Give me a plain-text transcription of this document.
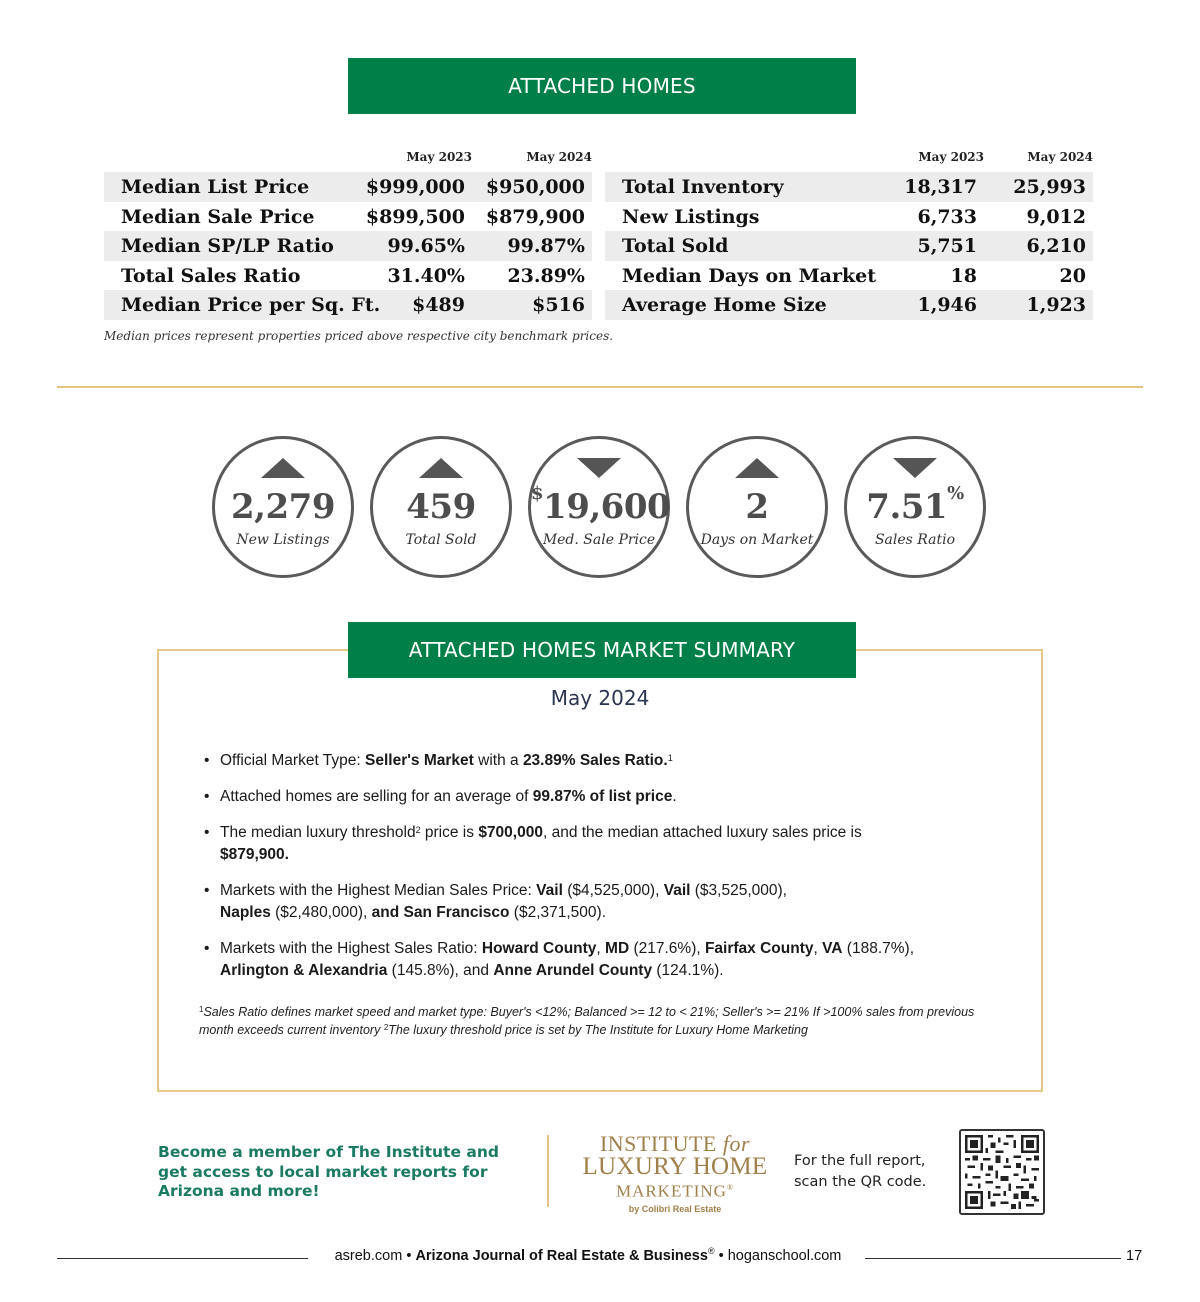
ATTACHED HOMES
May 2023	May 2024
Median List Price	$999,000 $950,000
Median Sale Price	$899,500 $879,900
Median SP/LP Ratio	99.65% 99.87%
Total Sales Ratio	31.40% 23.89%
Median Price per Sq. Ft. $489	$516
May 2023	May 2024
Total Inventory	18,317 25,993
New Listings	6,733	9,012
Total Sold	5,751	6,210
Median Days on Market	18	20
Average Home Size	1,946	1,923
Median prices represent properties priced above respective city benchmark prices.
2,279
New Listings
459
Total Sold
$19,600
Med. Sale Price
2
Days on Market
7.51%
Sales Ratio
ATTACHED HOMES MARKET SUMMARY
May 2024
• Official Market Type: Seller's Market with a 23.89% Sales Ratio.$^1$
• Attached homes are selling for an average of 99.87% of list price.
• The median luxury threshold$^2$ price is $700,000, and the median attached luxury sales price is
$879,900.
• Markets with the Highest Median Sales Price: Vail ($4,525,000), Vail ($3,525,000),
Naples ($2,480,000), and San Francisco ($2,371,500).
• Markets with the Highest Sales Ratio: Howard County, MD (217.6%), Fairfax County, VA (188.7%),
Arlington & Alexandria (145.8%), and Anne Arundel County (124.1%).
$^1$Sales Ratio defines market speed and market type: Buyer's <12%; Balanced >= 12 to < 21%; Seller's >= 21% If >100% sales from previous month exceeds current inventory $^2$The luxury threshold price is set by The Institute for Luxury Home Marketing
Become a member of The Institute and get access to local market reports for Arizona and more!
INSTITUTE for
LUXURY HOME
MARKETING®
by Colibri Real Estate
For the full report,
scan the QR code.
asreb.com • Arizona Journal of Real Estate & Business® • hoganschool.com	17
